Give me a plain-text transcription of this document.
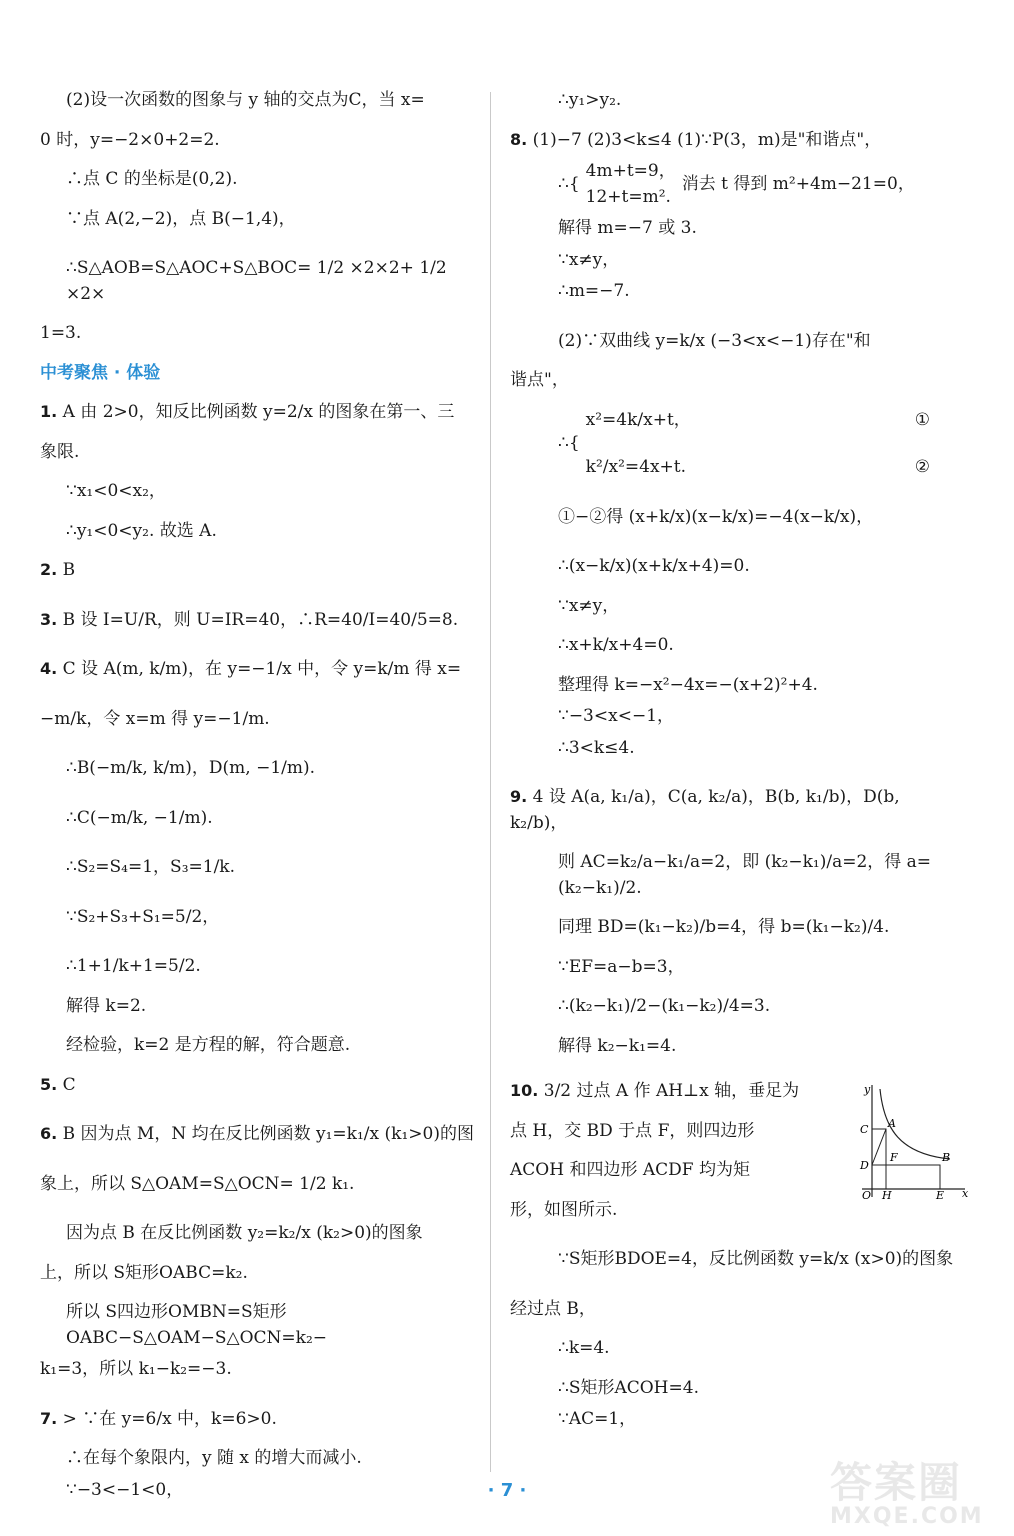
(2)设一次函数的图象与 y 轴的交点为C，当 x=

0 时，y=−2×0+2=2.

∴点 C 的坐标是(0,2).

∵点 A(2,−2)，点 B(−1,4)，

∴S△AOB=S△AOC+S△BOC= 1/2 ×2×2+ 1/2 ×2×

1=3.

中考聚焦 · 体验

1. A 由 2>0，知反比例函数 y=2/x 的图象在第一、三

象限.

∵x₁<0<x₂，

∴y₁<0<y₂. 故选 A.

2. B

3. B 设 I=U/R，则 U=IR=40，∴R=40/I=40/5=8.

4. C 设 A(m, k/m)，在 y=−1/x 中，令 y=k/m 得 x=

−m/k，令 x=m 得 y=−1/m.

∴B(−m/k, k/m)，D(m, −1/m).

∴C(−m/k, −1/m).

∴S₂=S₄=1，S₃=1/k.

∵S₂+S₃+S₁=5/2，

∴1+1/k+1=5/2.

解得 k=2.

经检验，k=2 是方程的解，符合题意.

5. C

6. B 因为点 M，N 均在反比例函数 y₁=k₁/x (k₁>0)的图

象上，所以 S△OAM=S△OCN= 1/2 k₁.

因为点 B 在反比例函数 y₂=k₂/x (k₂>0)的图象

上，所以 S矩形OABC=k₂.

所以 S四边形OMBN=S矩形OABC−S△OAM−S△OCN=k₂−

k₁=3，所以 k₁−k₂=−3.

7. > ∵在 y=6/x 中，k=6>0.

∴在每个象限内，y 随 x 的增大而减小.

∵−3<−1<0，

∴y₁>y₂.

8. (1)−7 (2)3<k≤4 (1)∵P(3，m)是"和谐点"，

∴{
4m+t=9，
12+t=m².
消去 t 得到 m²+4m−21=0，

解得 m=−7 或 3.

∵x≠y，

∴m=−7.

(2)∵双曲线 y=k/x (−3<x<−1)存在"和

谐点"，

∴{
x²=4k/x+t，
k²/x²=4x+t.
①
②

①−②得 (x+k/x)(x−k/x)=−4(x−k/x)，

∴(x−k/x)(x+k/x+4)=0.

∵x≠y，

∴x+k/x+4=0.

整理得 k=−x²−4x=−(x+2)²+4.

∵−3<x<−1，

∴3<k≤4.

9. 4 设 A(a, k₁/a)，C(a, k₂/a)，B(b, k₁/b)，D(b, k₂/b)，

则 AC=k₂/a−k₁/a=2，即 (k₂−k₁)/a=2，得 a=(k₂−k₁)/2.

同理 BD=(k₁−k₂)/b=4，得 b=(k₁−k₂)/4.

∵EF=a−b=3，

∴(k₂−k₁)/2−(k₁−k₂)/4=3.

解得 k₂−k₁=4.

10. 3/2 过点 A 作 AH⊥x 轴，垂足为

点 H，交 BD 于点 F，则四边形

ACOH 和四边形 ACDF 均为矩

形，如图所示.

y
x
C A
D
F	B
O H	E

∵S矩形BDOE=4，反比例函数 y=k/x (x>0)的图象

经过点 B，

∴k=4.

∴S矩形ACOH=4.

∵AC=1，

· 7 ·	答案圈
MXQE.COM
